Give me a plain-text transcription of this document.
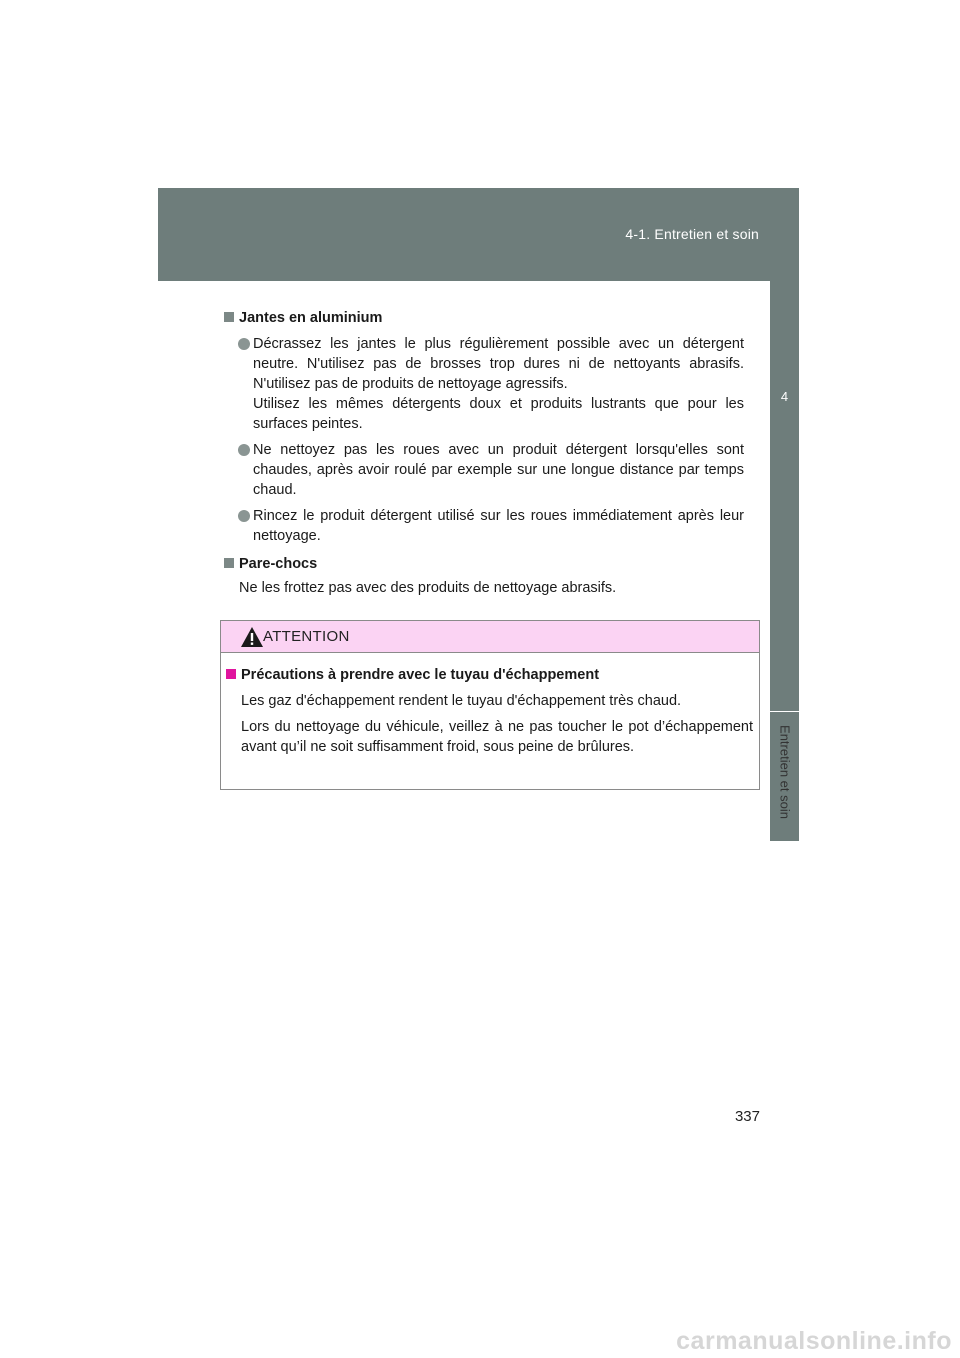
4-1. Entretien et soin
4
Entretien et soin

Jantes en aluminium

Décrassez les jantes le plus régulièrement possible avec un détergent neutre. N'utilisez pas de brosses trop dures ni de nettoyants abrasifs. N'utilisez pas de produits de nettoyage agressifs.

Utilisez les mêmes détergents doux et produits lustrants que pour les surfaces peintes.

Ne nettoyez pas les roues avec un produit détergent lorsqu'elles sont chaudes, après avoir roulé par exemple sur une longue distance par temps chaud.

Rincez le produit détergent utilisé sur les roues immédiatement après leur nettoyage.

Pare-chocs

Ne les frottez pas avec des produits de nettoyage abrasifs.
ATTENTION

Précautions à prendre avec le tuyau d'échappement

Les gaz d'échappement rendent le tuyau d'échappement très chaud.

Lors du nettoyage du véhicule, veillez à ne pas toucher le pot d’échappement avant qu’il ne soit suffisamment froid, sous peine de brûlures.

337
carmanualsonline.info
